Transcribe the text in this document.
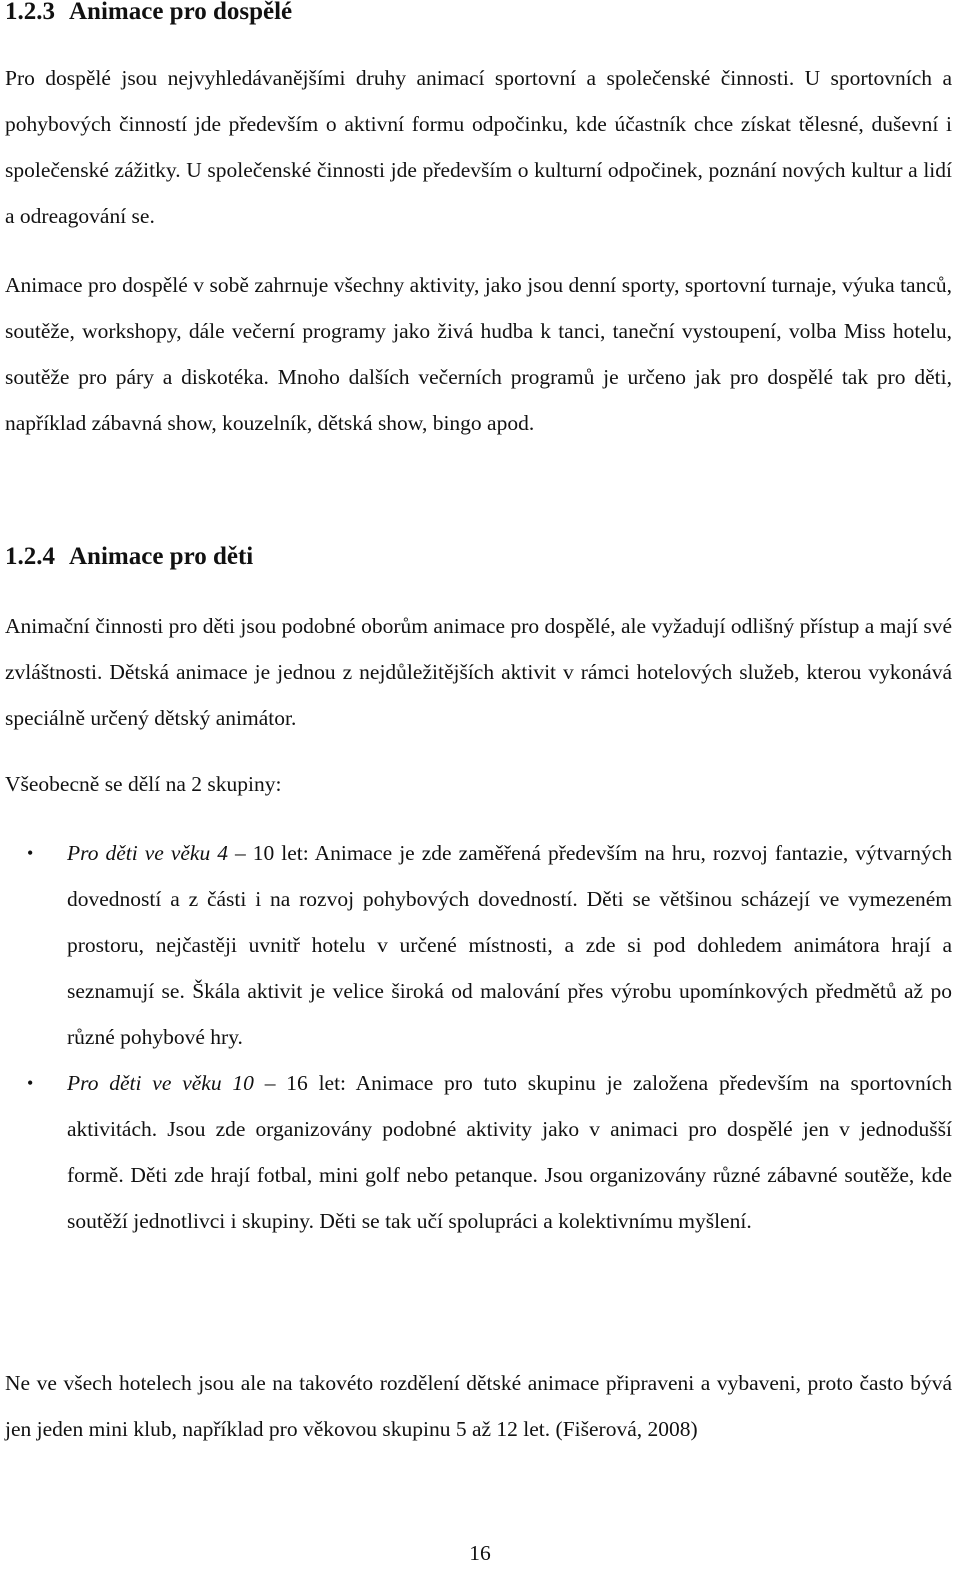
1.2.3 Animace pro dospělé

Pro dospělé jsou nejvyhledávanějšími druhy animací sportovní a společenské činnosti. U sportovních a pohybových činností jde především o aktivní formu odpočinku, kde účastník chce získat tělesné, duševní i společenské zážitky. U společenské činnosti jde především o kulturní odpočinek, poznání nových kultur a lidí a odreagování se.

Animace pro dospělé v sobě zahrnuje všechny aktivity, jako jsou denní sporty, sportovní turnaje, výuka tanců, soutěže, workshopy, dále večerní programy jako živá hudba k tanci, taneční vystoupení, volba Miss hotelu, soutěže pro páry a diskotéka. Mnoho dalších večerních programů je určeno jak pro dospělé tak pro děti, například zábavná show, kouzelník, dětská show, bingo apod.

1.2.4 Animace pro děti

Animační činnosti pro děti jsou podobné oborům animace pro dospělé, ale vyžadují odlišný přístup a mají své zvláštnosti. Dětská animace je jednou z nejdůležitějších aktivit v rámci hotelových služeb, kterou vykonává speciálně určený dětský animátor.

Všeobecně se dělí na 2 skupiny:

• Pro děti ve věku 4 – 10 let: Animace je zde zaměřená především na hru, rozvoj fantazie, výtvarných dovedností a z části i na rozvoj pohybových dovedností. Děti se většinou scházejí ve vymezeném prostoru, nejčastěji uvnitř hotelu v určené místnosti, a zde si pod dohledem animátora hrají a seznamují se. Škála aktivit je velice široká od malování přes výrobu upomínkových předmětů až po různé pohybové hry.
• Pro děti ve věku 10 – 16 let: Animace pro tuto skupinu je založena především na sportovních aktivitách. Jsou zde organizovány podobné aktivity jako v animaci pro dospělé jen v jednodušší formě. Děti zde hrají fotbal, mini golf nebo petanque. Jsou organizovány různé zábavné soutěže, kde soutěží jednotlivci i skupiny. Děti se tak učí spolupráci a kolektivnímu myšlení.

Ne ve všech hotelech jsou ale na takovéto rozdělení dětské animace připraveni a vybaveni, proto často bývá jen jeden mini klub, například pro věkovou skupinu 5 až 12 let. (Fišerová, 2008)

16
